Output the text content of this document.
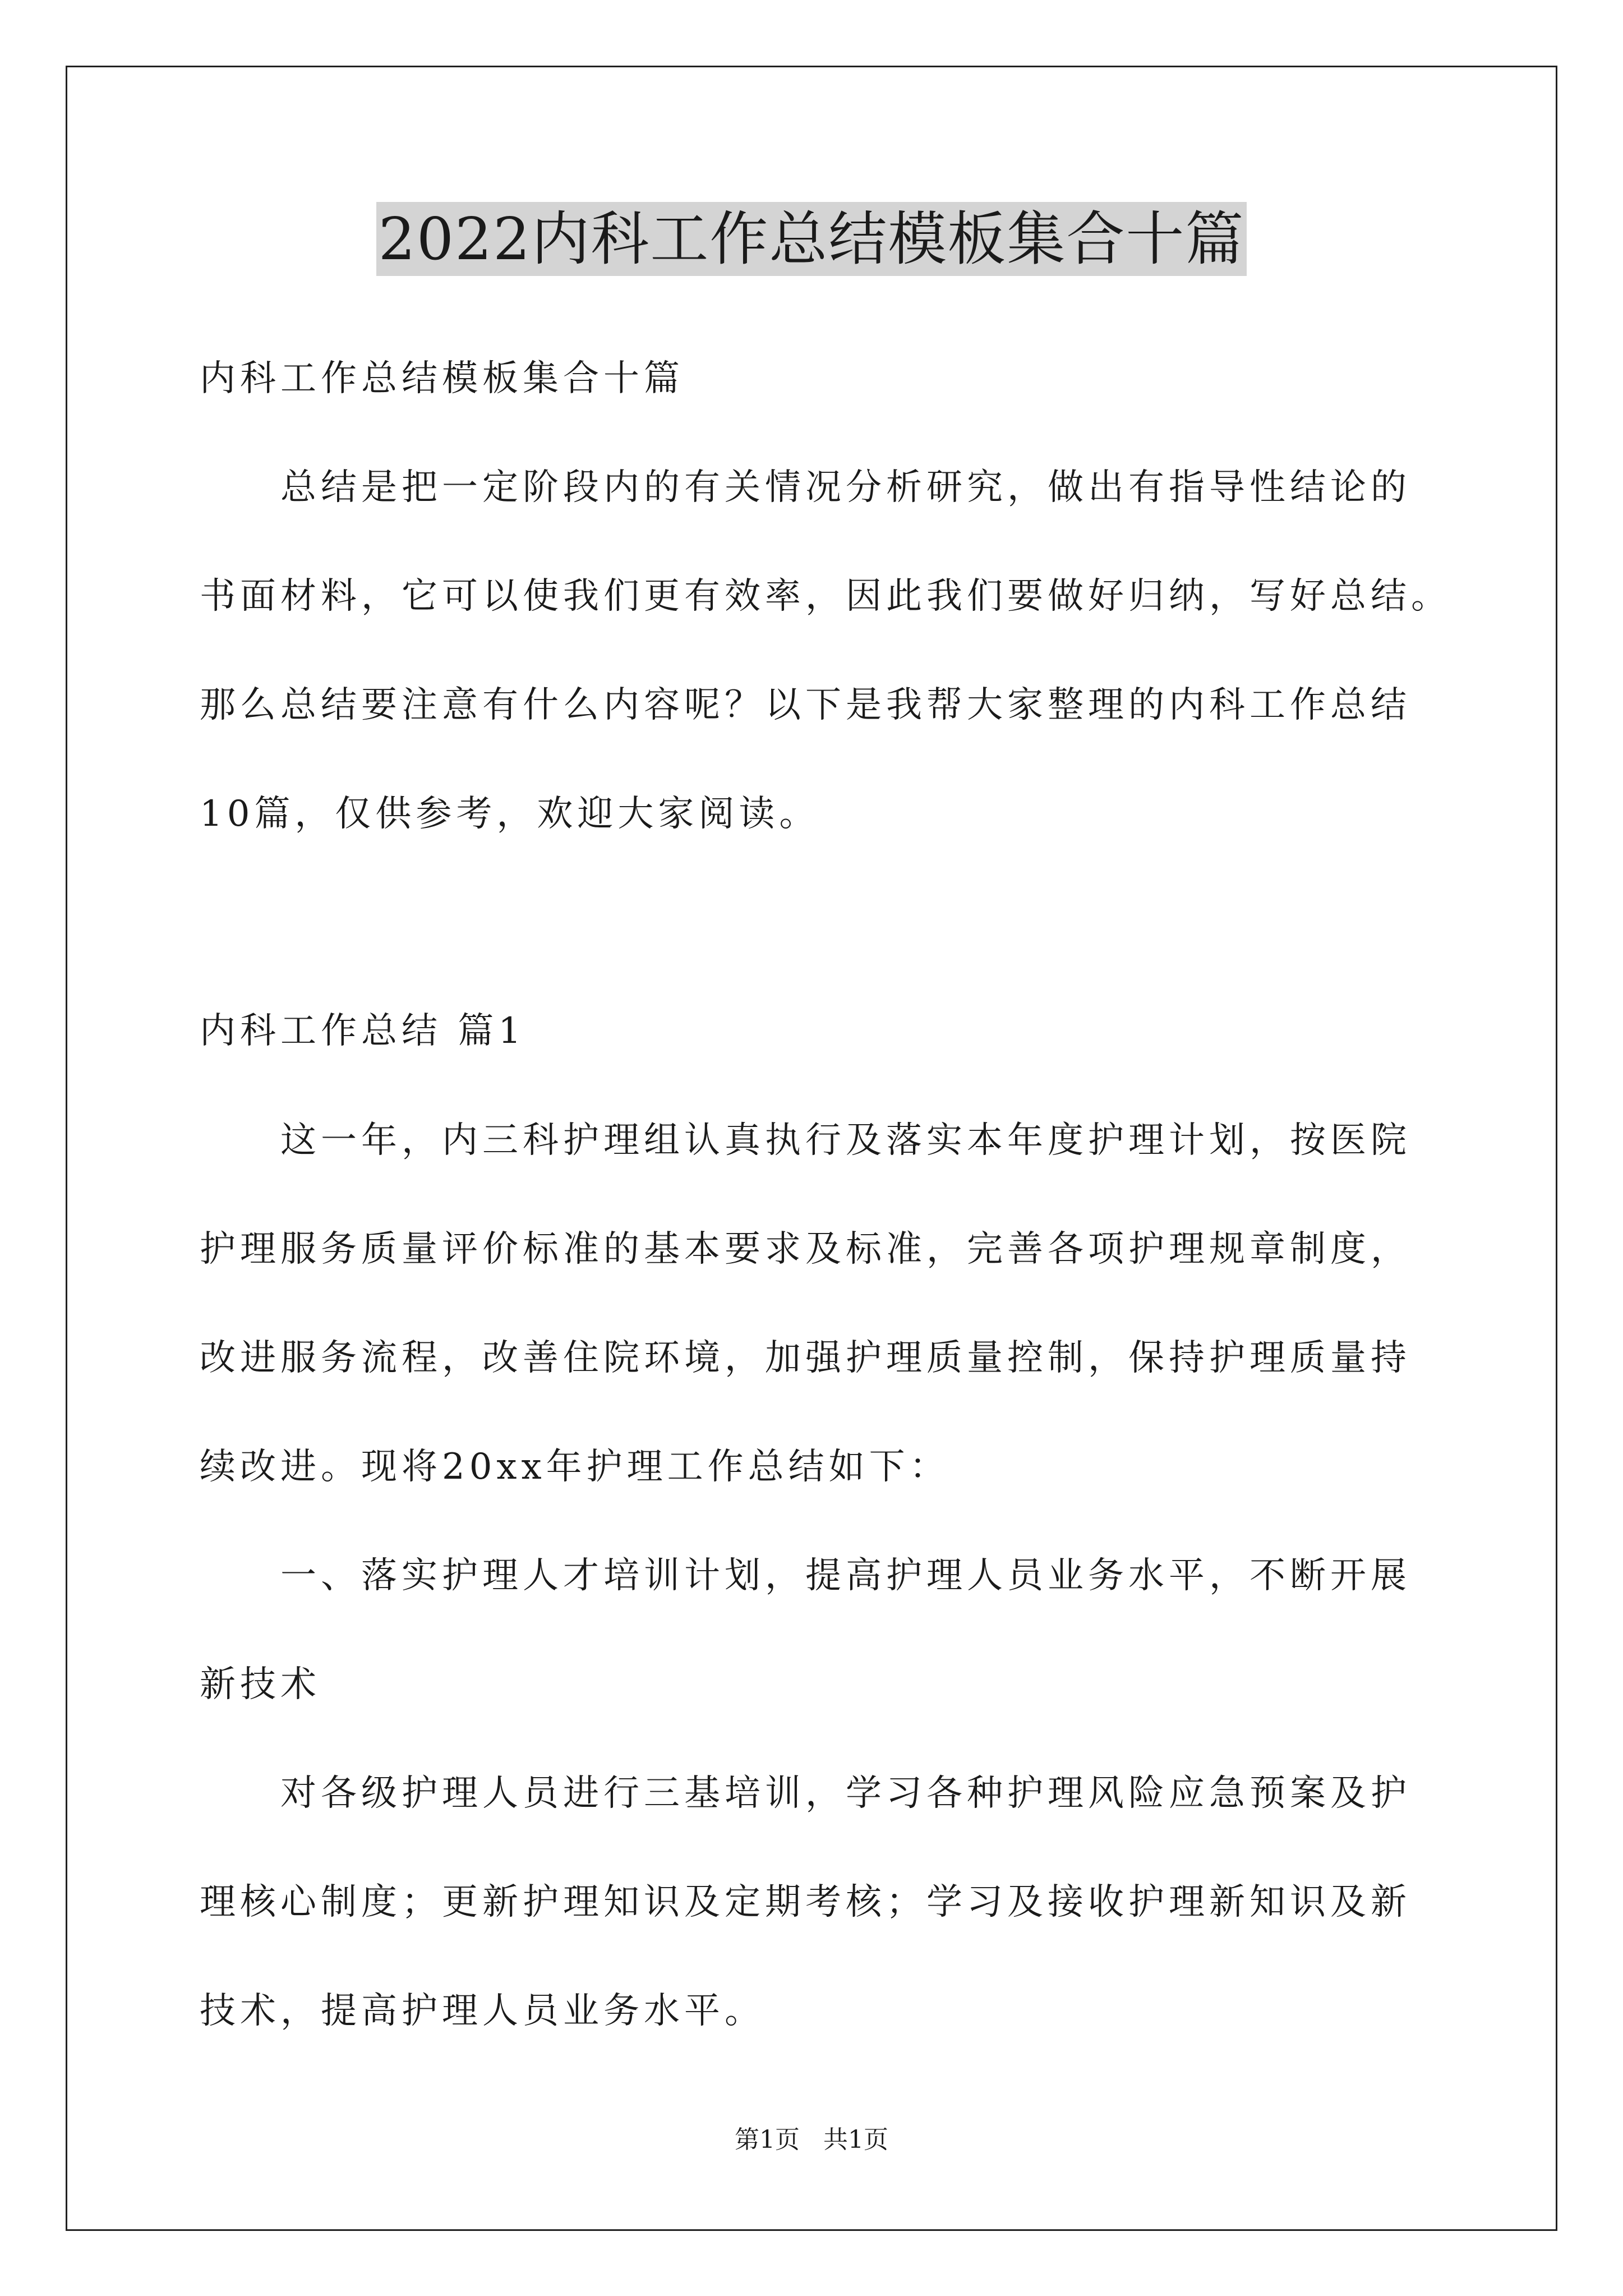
2022内科工作总结模板集合十篇
内科工作总结模板集合十篇
总结是把一定阶段内的有关情况分析研究，做出有指导性结论的
书面材料，它可以使我们更有效率，因此我们要做好归纳，写好总结。
那么总结要注意有什么内容呢？以下是我帮大家整理的内科工作总结
10篇，仅供参考，欢迎大家阅读。
内科工作总结 篇1
这一年，内三科护理组认真执行及落实本年度护理计划，按医院
护理服务质量评价标准的基本要求及标准，完善各项护理规章制度，
改进服务流程，改善住院环境，加强护理质量控制，保持护理质量持
续改进。现将20xx年护理工作总结如下：
一、落实护理人才培训计划，提高护理人员业务水平，不断开展
新技术
对各级护理人员进行三基培训，学习各种护理风险应急预案及护
理核心制度；更新护理知识及定期考核；学习及接收护理新知识及新
技术，提高护理人员业务水平。
第1页   共1页
